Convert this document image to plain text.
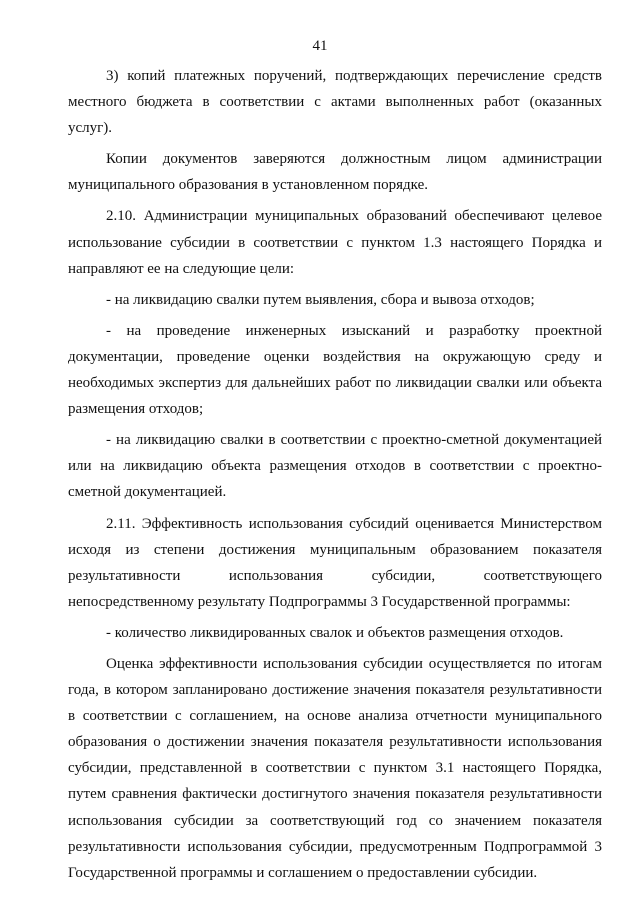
41
3) копий платежных поручений, подтверждающих перечисление средств
местного бюджета в соответствии с актами выполненных работ (оказанных
услуг).
Копии документов заверяются должностным лицом администрации
муниципального образования в установленном порядке.
2.10. Администрации муниципальных образований обеспечивают целевое
использование субсидии в соответствии с пунктом 1.3 настоящего Порядка и
направляют ее на следующие цели:
- на ликвидацию свалки путем выявления, сбора и вывоза отходов;
- на проведение инженерных изысканий и разработку проектной
документации, проведение оценки воздействия на окружающую среду и
необходимых экспертиз для дальнейших работ по ликвидации свалки или объекта
размещения отходов;
- на ликвидацию свалки в соответствии с проектно-сметной документацией
или на ликвидацию объекта размещения отходов в соответствии с проектно-
сметной документацией.
2.11. Эффективность использования субсидий оценивается Министерством
исходя из степени достижения муниципальным образованием показателя
результативности использования субсидии, соответствующего
непосредственному результату Подпрограммы 3 Государственной программы:
- количество ликвидированных свалок и объектов размещения отходов.
Оценка эффективности использования субсидии осуществляется по итогам
года, в котором запланировано достижение значения показателя результативности
в соответствии с соглашением, на основе анализа отчетности муниципального
образования о достижении значения показателя результативности использования
субсидии, представленной в соответствии с пунктом 3.1 настоящего Порядка,
путем сравнения фактически достигнутого значения показателя результативности
использования субсидии за соответствующий год со значением показателя
результативности использования субсидии, предусмотренным Подпрограммой 3
Государственной программы и соглашением о предоставлении субсидии.
